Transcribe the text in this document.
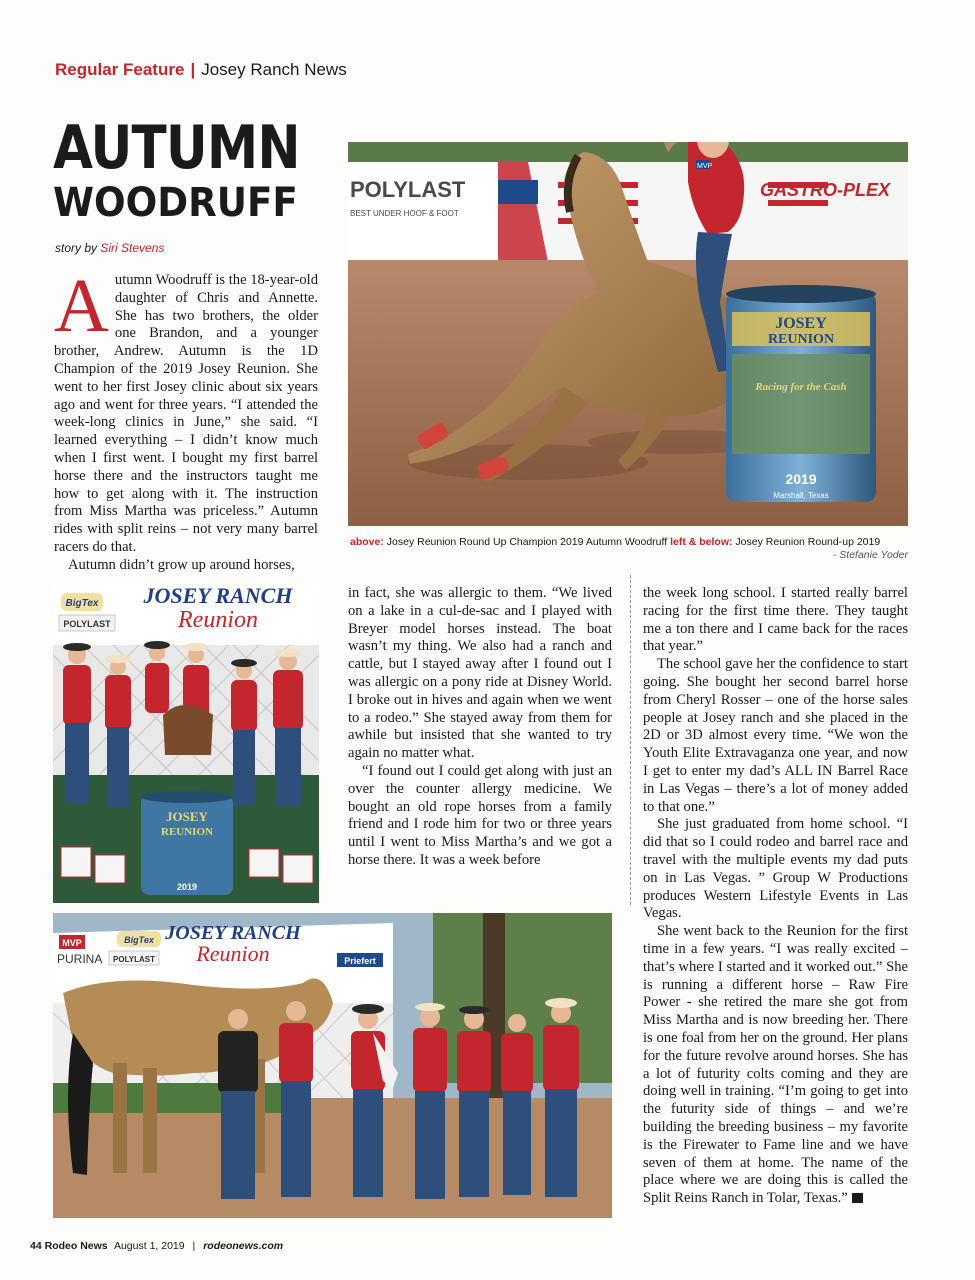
Regular Feature | Josey Ranch News
AUTUMN
WOODRUFF
story by Siri Stevens

Autumn Woodruff is the 18-year-old daughter of Chris and Annette. She has two brothers, the older one Brandon, and a younger brother, Andrew. Autumn is the 1D Champion of the 2019 Josey Reunion. She went to her first Josey clinic about six years ago and went for three years. “I attended the week-long clinics in June,” she said. “I learned everything – I didn’t know much when I first went. I bought my first barrel horse there and the instructors taught me how to get along with it. The instruction from Miss Martha was priceless.” Autumn rides with split reins – not very many barrel racers do that.

Autumn didn’t grow up around horses,

POLYLAST
BEST UNDER HOOF & FOOT
GASTRO-PLEX
MVP
JOSEY
REUNION
Racing for the Cash
2019
Marshall, Texas
above: Josey Reunion Round Up Champion 2019 Autumn Woodruff left & below: Josey Reunion Round-up 2019
- Stefanie Yoder
BigTex
POLYLAST
JOSEY RANCH
Reunion
JOSEY
REUNION
2019

in fact, she was allergic to them. “We lived on a lake in a cul-de-sac and I played with Breyer model horses instead. The boat wasn’t my thing. We also had a ranch and cattle, but I stayed away after I found out I was allergic on a pony ride at Disney World. I broke out in hives and again when we went to a rodeo.” She stayed away from them for awhile but insisted that she wanted to try again no matter what.

“I found out I could get along with just an over the counter allergy medicine. We bought an old rope horses from a family friend and I rode him for two or three years until I went to Miss Martha’s and we got a horse there. It was a week before

the week long school. I started really barrel racing for the first time there. They taught me a ton there and I came back for the races that year.”

The school gave her the confidence to start going. She bought her second barrel horse from Cheryl Rosser – one of the horse sales people at Josey ranch and she placed in the 2D or 3D almost every time. “We won the Youth Elite Extravaganza one year, and now I get to enter my dad’s ALL IN Barrel Race in Las Vegas – there’s a lot of money added to that one.”

She just graduated from home school. “I did that so I could rodeo and barrel race and travel with the multiple events my dad puts on in Las Vegas. ” Group W Productions produces Western Lifestyle Events in Las Vegas.

She went back to the Reunion for the first time in a few years. “I was really excited – that’s where I started and it worked out.” She is running a different horse – Raw Fire Power - she retired the mare she got from Miss Martha and is now breeding her. There is one foal from her on the ground. Her plans for the future revolve around horses. She has a lot of futurity colts coming and they are doing well in training. “I’m going to get into the futurity side of things – and we’re building the breeding business – my favorite is the Firewater to Fame line and we have seven of them at home. The name of the place where we are doing this is called the Split Reins Ranch in Tolar, Texas.”

MVP	BigTex
PURINA POLYLAST
JOSEY RANCH
Reunion	Priefert
44 Rodeo News August 1, 2019 | rodeonews.com
